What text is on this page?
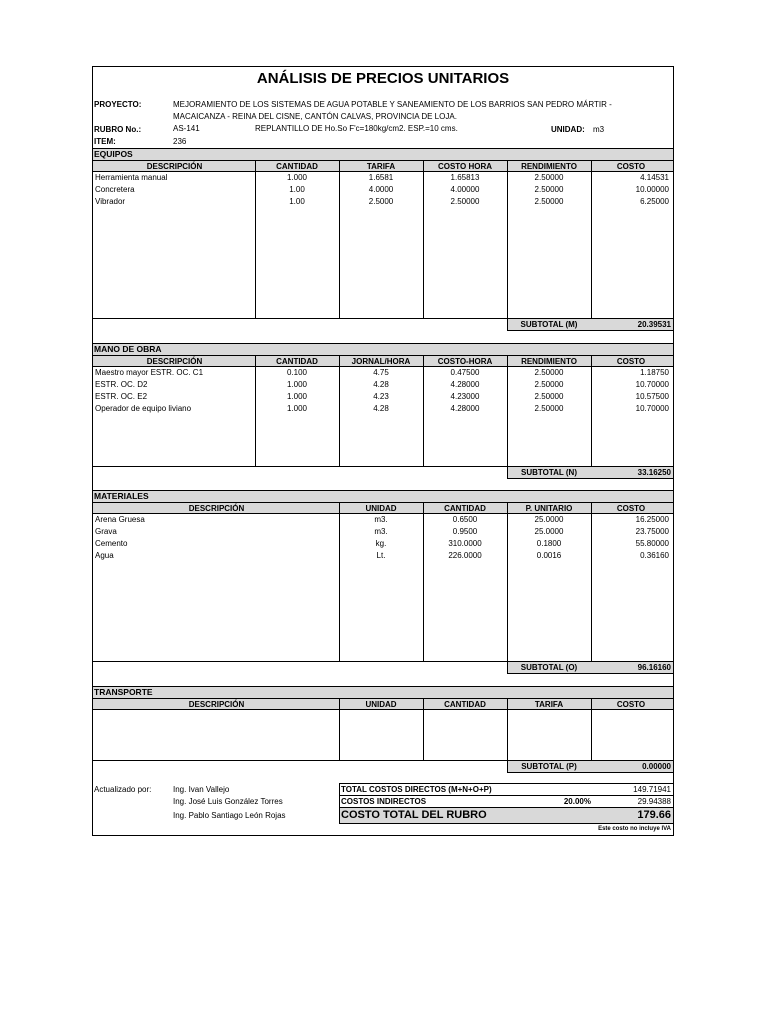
ANÁLISIS DE PRECIOS UNITARIOS
PROYECTO:	MEJORAMIENTO DE LOS SISTEMAS DE AGUA POTABLE Y SANEAMIENTO DE LOS BARRIOS SAN PEDRO MÁRTIR -
MACAICANZA - REINA DEL CISNE, CANTÓN CALVAS, PROVINCIA DE LOJA.
RUBRO No.:	AS-141	REPLANTILLO DE Ho.So F'c=180kg/cm2. ESP.=10 cms.	UNIDAD: m3
ITEM:	236
EQUIPOS
SUBTOTAL (M)	20.39531
DESCRIPCIÓN	CANTIDAD	TARIFA	COSTO HORA	RENDIMIENTO	COSTO
Herramienta manual	1.000	1.6581	1.65813	2.50000	4.14531
Concretera	1.00	4.0000	4.00000	2.50000	10.00000
Vibrador	1.00	2.5000	2.50000	2.50000	6.25000
MANO DE OBRA
SUBTOTAL (N)	33.16250
DESCRIPCIÓN	CANTIDAD	JORNAL/HORA	COSTO-HORA	RENDIMIENTO	COSTO
Maestro mayor ESTR. OC. C1	0.100	4.75	0.47500	2.50000	1.18750
ESTR. OC. D2	1.000	4.28	4.28000	2.50000	10.70000
ESTR. OC. E2	1.000	4.23	4.23000	2.50000	10.57500
Operador de equipo liviano	1.000	4.28	4.28000	2.50000	10.70000
MATERIALES
SUBTOTAL (O)	96.16160
DESCRIPCIÓN	UNIDAD	CANTIDAD	P. UNITARIO	COSTO
Arena Gruesa	m3.	0.6500	25.0000	16.25000
Grava	m3.	0.9500	25.0000	23.75000
Cemento	kg.	310.0000	0.1800	55.80000
Agua	Lt.	226.0000	0.0016	0.36160
TRANSPORTE
SUBTOTAL (P)	0.00000
DESCRIPCIÓN	UNIDAD	CANTIDAD	TARIFA	COSTO
Actualizado por:	Ing. Ivan Vallejo
Ing. José Luis González Torres
Ing. Pablo Santiago León Rojas
TOTAL COSTOS DIRECTOS (M+N+O+P)	149.71941
COSTOS INDIRECTOS	20.00%	29.94388
COSTO TOTAL DEL RUBRO	179.66
Este costo no incluye IVA
